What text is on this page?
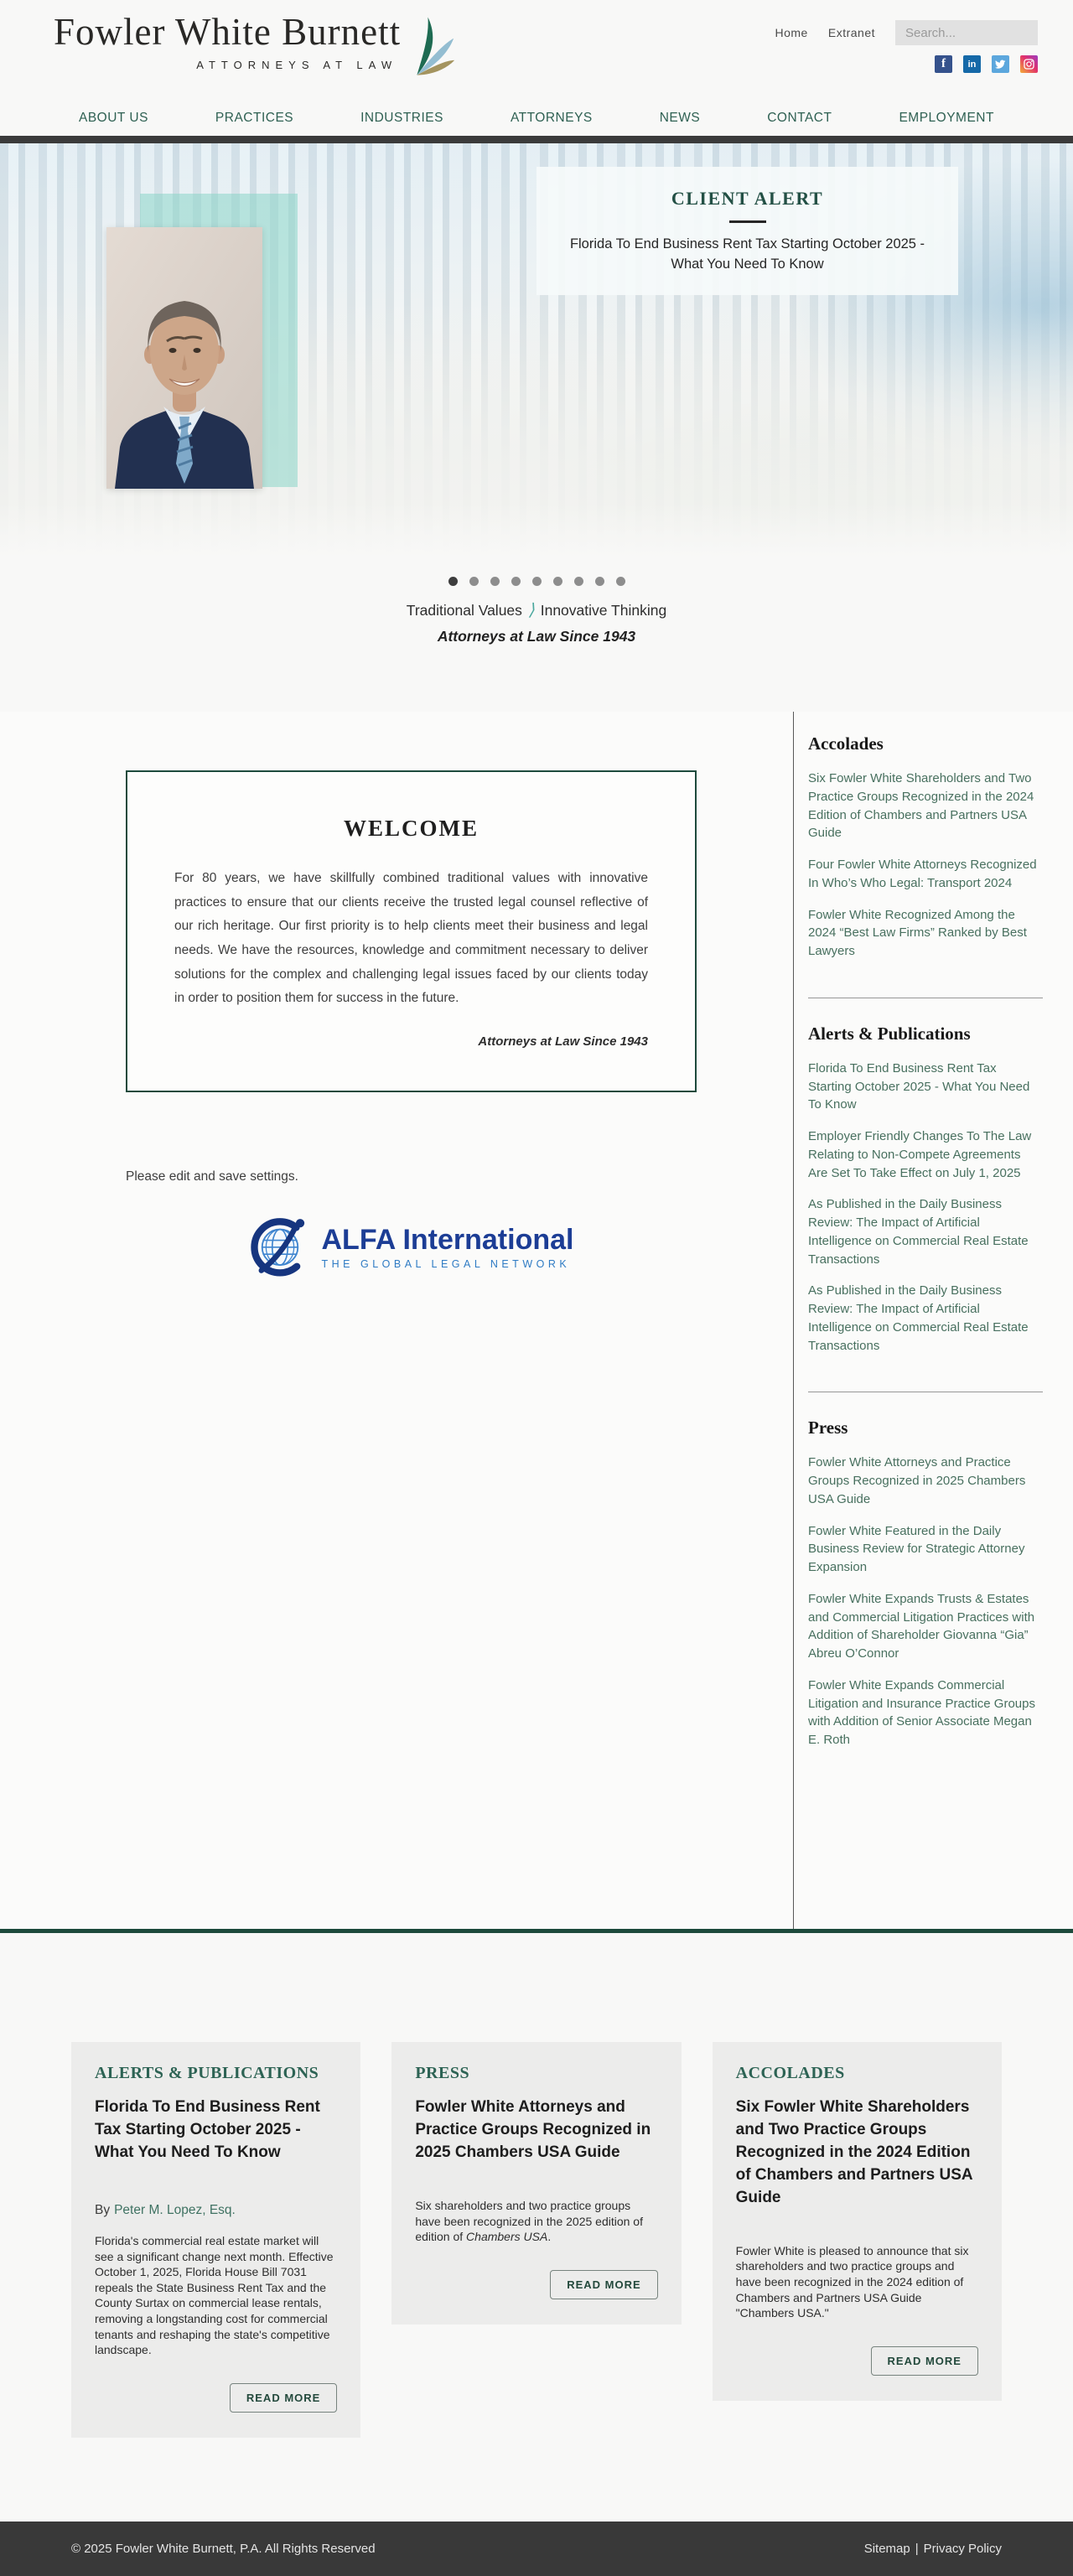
Fowler White Burnett
ATTORNEYS AT LAW
Home Extranet
Search...
f	in
ABOUT US	PRACTICES	INDUSTRIES	ATTORNEYS	NEWS	CONTACT	EMPLOYMENT
CLIENT ALERT
Florida To End Business Rent Tax Starting October 2025 - What You Need To Know
Traditional Values ⟩ Innovative Thinking
Attorneys at Law Since 1943
WELCOME

For 80 years, we have skillfully combined traditional values with innovative practices to ensure that our clients receive the trusted legal counsel reflective of our rich heritage. Our first priority is to help clients meet their business and legal needs. We have the resources, knowledge and commitment necessary to deliver solutions for the complex and challenging legal issues faced by our clients today in order to position them for success in the future.

Attorneys at Law Since 1943
Please edit and save settings.
ALFA International
THE GLOBAL LEGAL NETWORK
Accolades
Six Fowler White Shareholders and Two Practice Groups Recognized in the 2024 Edition of Chambers and Partners USA Guide
Four Fowler White Attorneys Recognized In Who’s Who Legal: Transport 2024
Fowler White Recognized Among the 2024 “Best Law Firms” Ranked by Best Lawyers
Alerts & Publications
Florida To End Business Rent Tax Starting October 2025 - What You Need To Know
Employer Friendly Changes To The Law Relating to Non-Compete Agreements Are Set To Take Effect on July 1, 2025
As Published in the Daily Business Review: The Impact of Artificial Intelligence on Commercial Real Estate Transactions
As Published in the Daily Business Review: The Impact of Artificial Intelligence on Commercial Real Estate Transactions
Press
Fowler White Attorneys and Practice Groups Recognized in 2025 Chambers USA Guide
Fowler White Featured in the Daily Business Review for Strategic Attorney Expansion
Fowler White Expands Trusts & Estates and Commercial Litigation Practices with Addition of Shareholder Giovanna “Gia” Abreu O’Connor
Fowler White Expands Commercial Litigation and Insurance Practice Groups with Addition of Senior Associate Megan E. Roth
ALERTS & PUBLICATIONS
Florida To End Business Rent Tax Starting October 2025 - What You Need To Know
By Peter M. Lopez, Esq.

Florida's commercial real estate market will see a significant change next month. Effective October 1, 2025, Florida House Bill 7031 repeals the State Business Rent Tax and the County Surtax on commercial lease rentals, removing a longstanding cost for commercial tenants and reshaping the state's competitive landscape.

READ MORE
PRESS
Fowler White Attorneys and Practice Groups Recognized in 2025 Chambers USA Guide

Six shareholders and two practice groups have been recognized in the 2025 edition of edition of Chambers USA.

READ MORE
ACCOLADES
Six Fowler White Shareholders and Two Practice Groups Recognized in the 2024 Edition of Chambers and Partners USA Guide

Fowler White is pleased to announce that six shareholders and two practice groups and have been recognized in the 2024 edition of Chambers and Partners USA Guide "Chambers USA."

READ MORE
© 2025 Fowler White Burnett, P.A. All Rights Reserved	Sitemap | Privacy Policy
